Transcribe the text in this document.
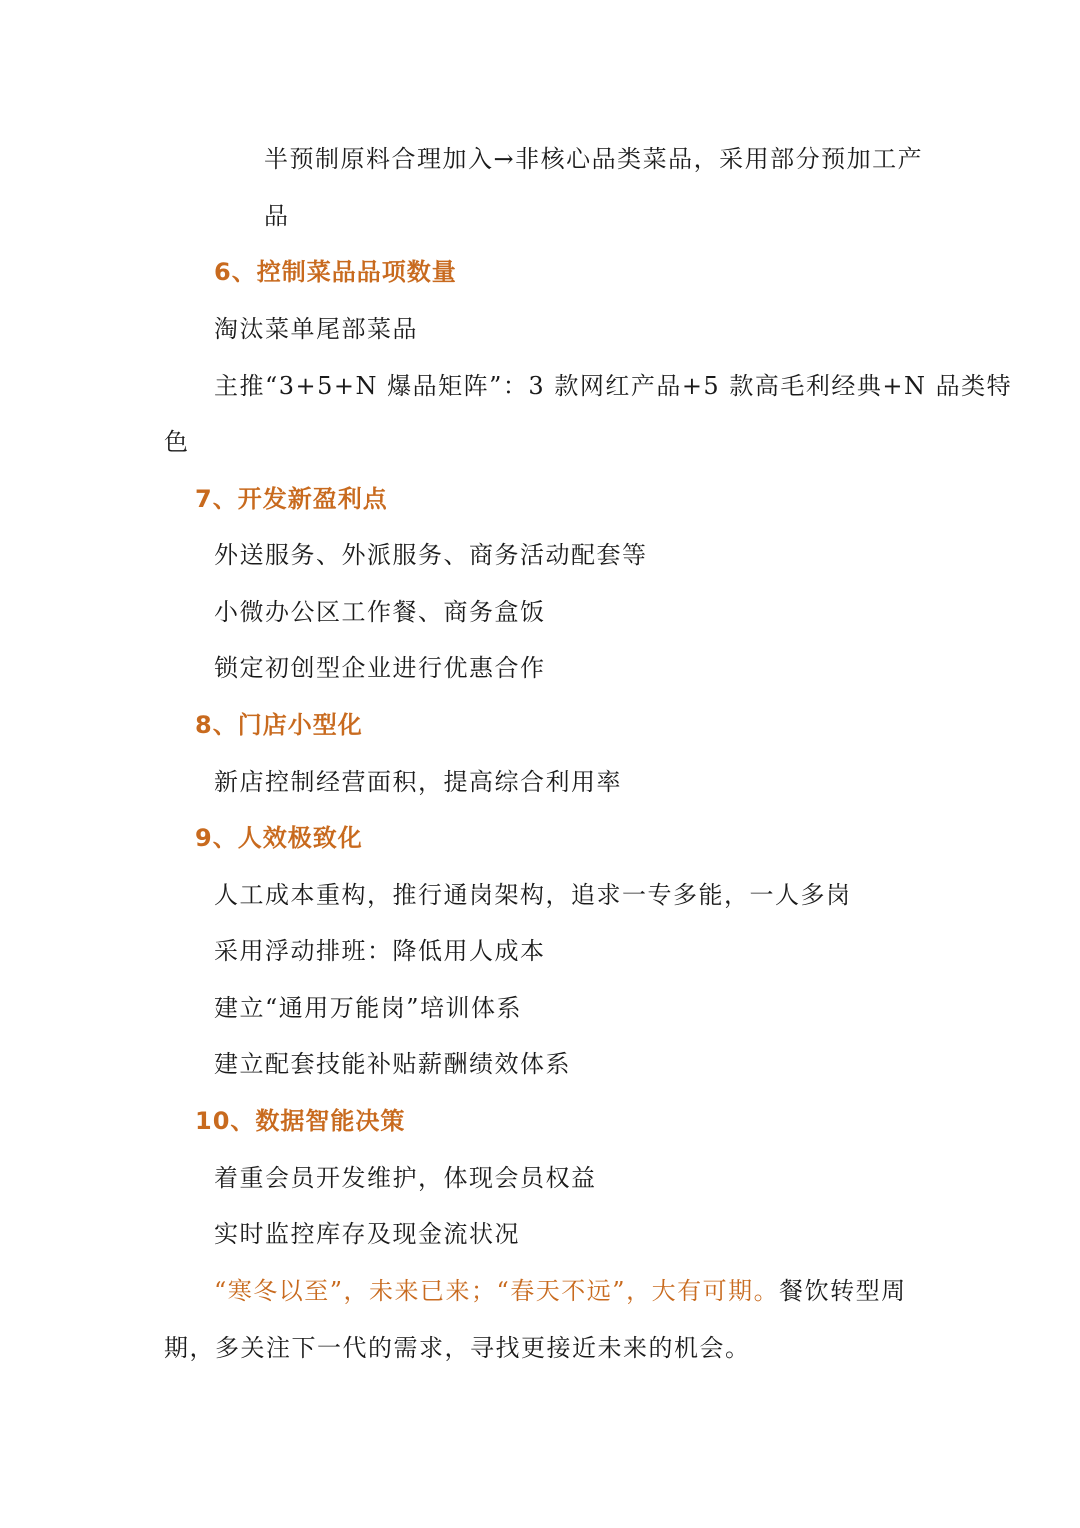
半预制原料合理加入→非核心品类菜品，采用部分预加工产
品
6、控制菜品品项数量
淘汰菜单尾部菜品
主推“3+5+N 爆品矩阵”：3 款网红产品+5 款高毛利经典+N 品类特
色
7、开发新盈利点
外送服务、外派服务、商务活动配套等
小微办公区工作餐、商务盒饭
锁定初创型企业进行优惠合作
8、门店小型化
新店控制经营面积，提高综合利用率
9、人效极致化
人工成本重构，推行通岗架构，追求一专多能，一人多岗
采用浮动排班：降低用人成本
建立“通用万能岗”培训体系
建立配套技能补贴薪酬绩效体系
10、数据智能决策
着重会员开发维护，体现会员权益
实时监控库存及现金流状况
“寒冬以至”，未来已来；“春天不远”，大有可期。餐饮转型周
期，多关注下一代的需求，寻找更接近未来的机会。
